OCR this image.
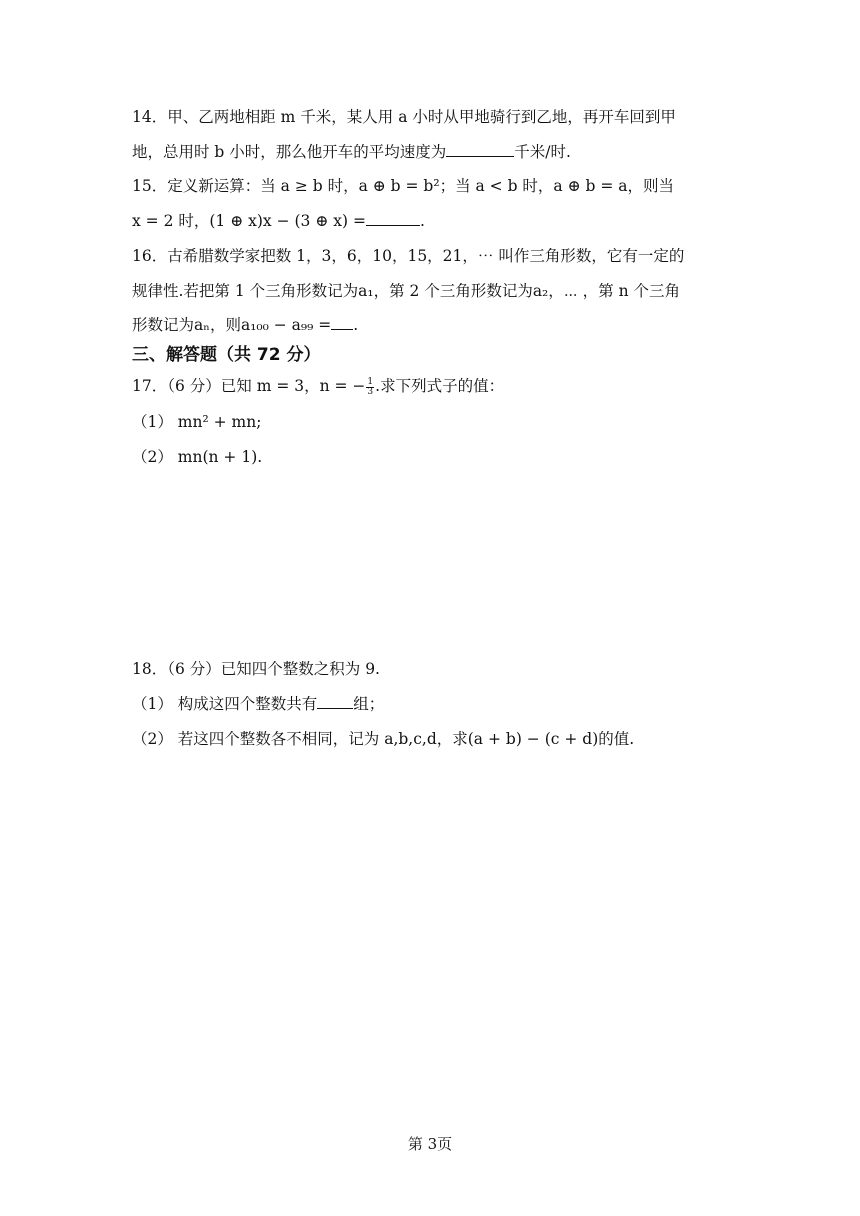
14．甲、乙两地相距 m 千米，某人用 a 小时从甲地骑行到乙地，再开车回到甲
地，总用时 b 小时，那么他开车的平均速度为	千米/时.
15．定义新运算：当 a ≥ b 时，a ⊕ b = b²；当 a < b 时，a ⊕ b = a，则当
x = 2 时，(1 ⊕ x)x − (3 ⊕ x) =	.
16．古希腊数学家把数 1，3，6，10，15，21，⋯ 叫作三角形数，它有一定的
规律性.若把第 1 个三角形数记为a₁，第 2 个三角形数记为a₂，⋯ ，第 n 个三角
形数记为aₙ，则a₁₀₀ − a₉₉ = .
三、解答题（共 72 分）
17．（6 分）已知 m = 3，n = − $\frac{1}{3}$ .求下列式子的值：
（1） mn² + mn;
（2） mn(n + 1).
18．（6 分）已知四个整数之积为 9.
（1） 构成这四个整数共有 组；
（2） 若这四个整数各不相同，记为 a,b,c,d，求(a + b) − (c + d)的值.
第 3页
